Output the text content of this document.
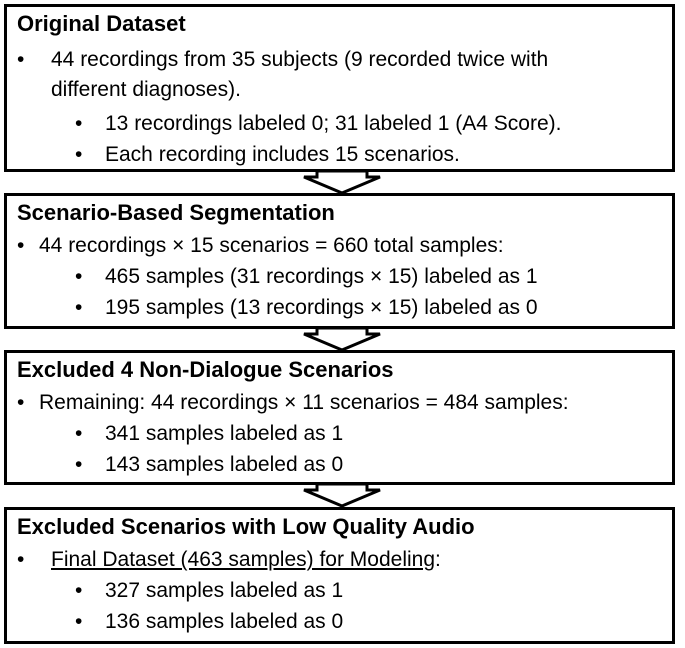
Original Dataset
• 44 recordings from 35 subjects (9 recorded twice with
different diagnoses).
• 13 recordings labeled 0; 31 labeled 1 (A4 Score).
• Each recording includes 15 scenarios.
Scenario-Based Segmentation
• 44 recordings × 15 scenarios = 660 total samples:
• 465 samples (31 recordings × 15) labeled as 1
• 195 samples (13 recordings × 15) labeled as 0
Excluded 4 Non-Dialogue Scenarios
• Remaining: 44 recordings × 11 scenarios = 484 samples:
• 341 samples labeled as 1
• 143 samples labeled as 0
Excluded Scenarios with Low Quality Audio
• Final Dataset (463 samples) for Modeling:
• 327 samples labeled as 1
• 136 samples labeled as 0
